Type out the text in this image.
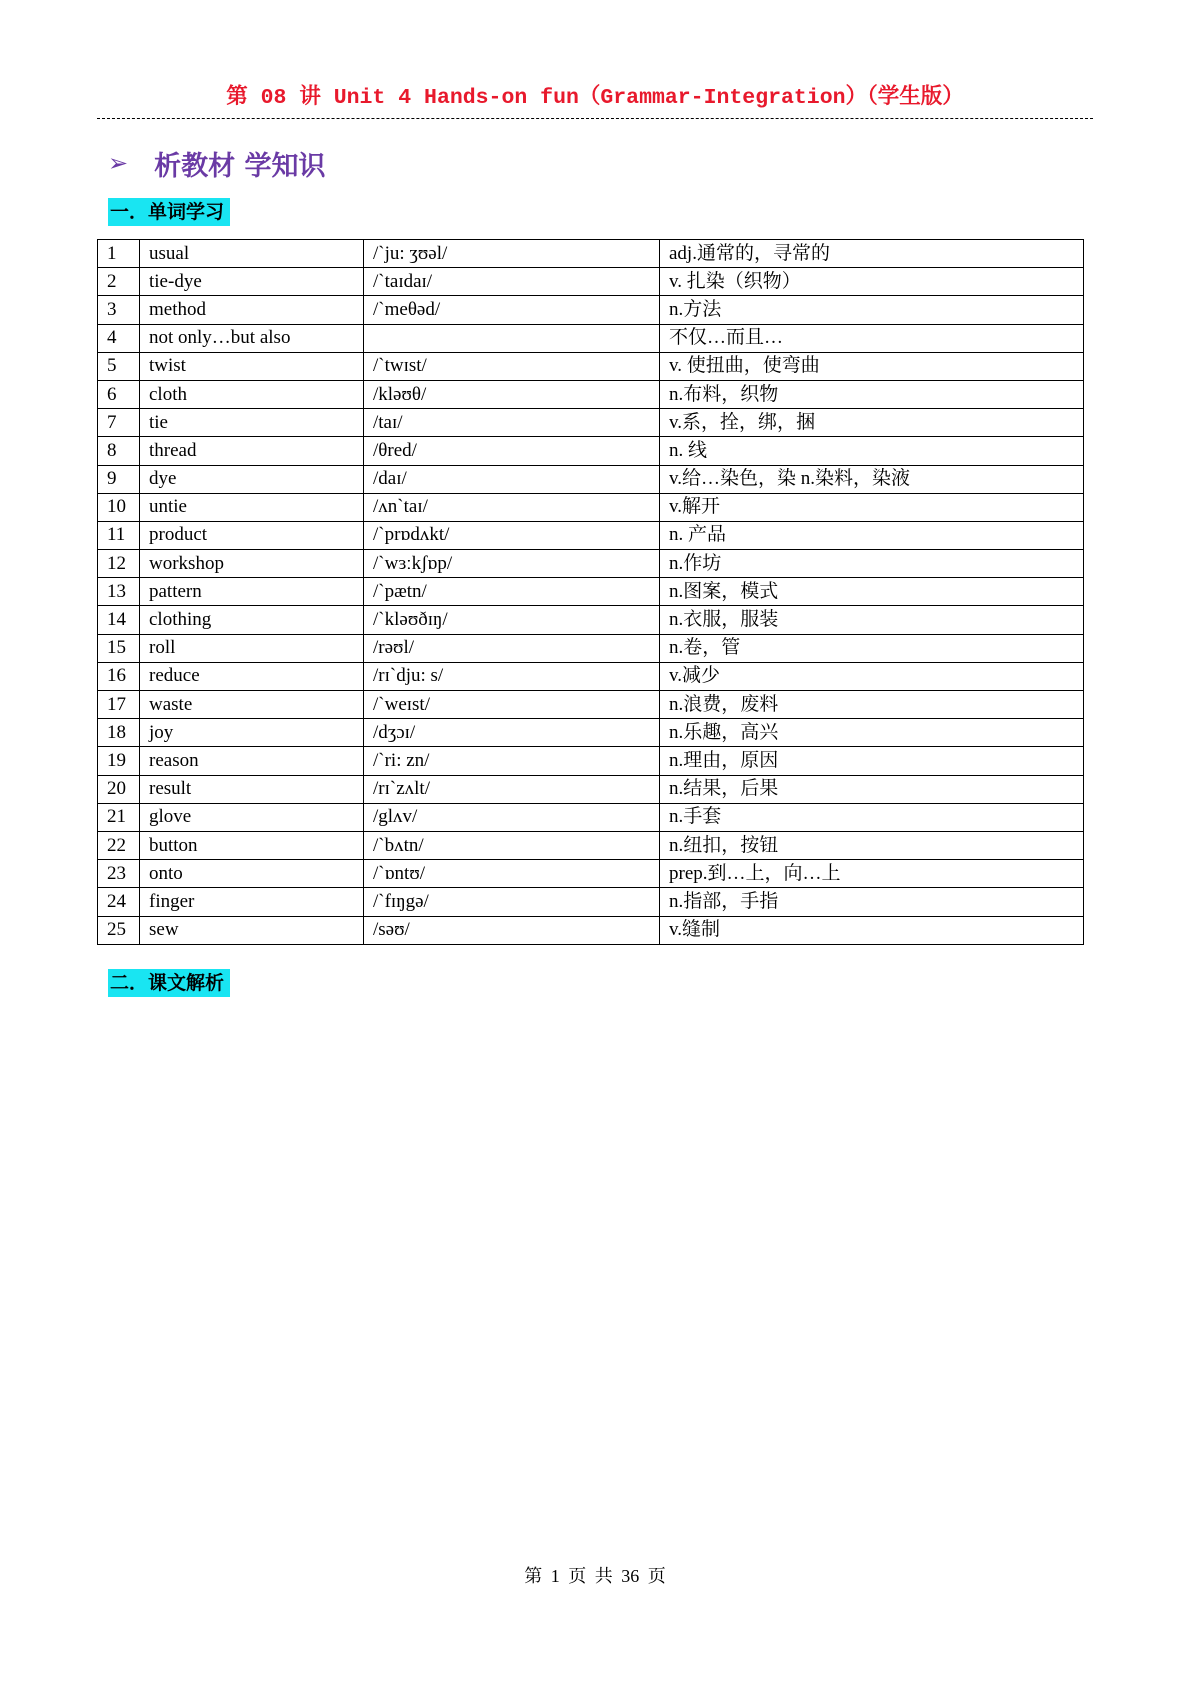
第 08 讲 Unit 4 Hands-on fun（Grammar-Integration）（学生版）
➢ 析教材 学知识
一．单词学习
1	usual	/ˋju: ʒʊəl/	adj.通常的，寻常的
2	tie-dye	/ˋtaɪdaɪ/	v. 扎染（织物）
3	method	/ˋmeθəd/	n.方法
4	not only…but also		不仅…而且…
5	twist	/ˋtwɪst/	v. 使扭曲，使弯曲
6	cloth	/kləʊθ/	n.布料，织物
7	tie	/taɪ/	v.系，拴，绑，捆
8	thread	/θred/	n. 线
9	dye	/daɪ/	v.给…染色，染 n.染料，染液
10	untie	/ʌnˋtaɪ/	v.解开
11	product	/ˋprɒdʌkt/	n. 产品
12	workshop	/ˋwɜːkʃɒp/	n.作坊
13	pattern	/ˋpætn/	n.图案，模式
14	clothing	/ˋkləʊðɪŋ/	n.衣服，服装
15	roll	/rəʊl/	n.卷，管
16	reduce	/rɪˋdju: s/	v.减少
17	waste	/ˋweɪst/	n.浪费，废料
18	joy	/dʒɔɪ/	n.乐趣，高兴
19	reason	/ˋri: zn/	n.理由，原因
20	result	/rɪˋzʌlt/	n.结果，后果
21	glove	/glʌv/	n.手套
22	button	/ˋbʌtn/	n.纽扣，按钮
23	onto	/ˋɒntʊ/	prep.到…上，向…上
24	finger	/ˋfɪŋgə/	n.指部，手指
25	sew	/səʊ/	v.缝制
二．课文解析
第 1 页 共 36 页
